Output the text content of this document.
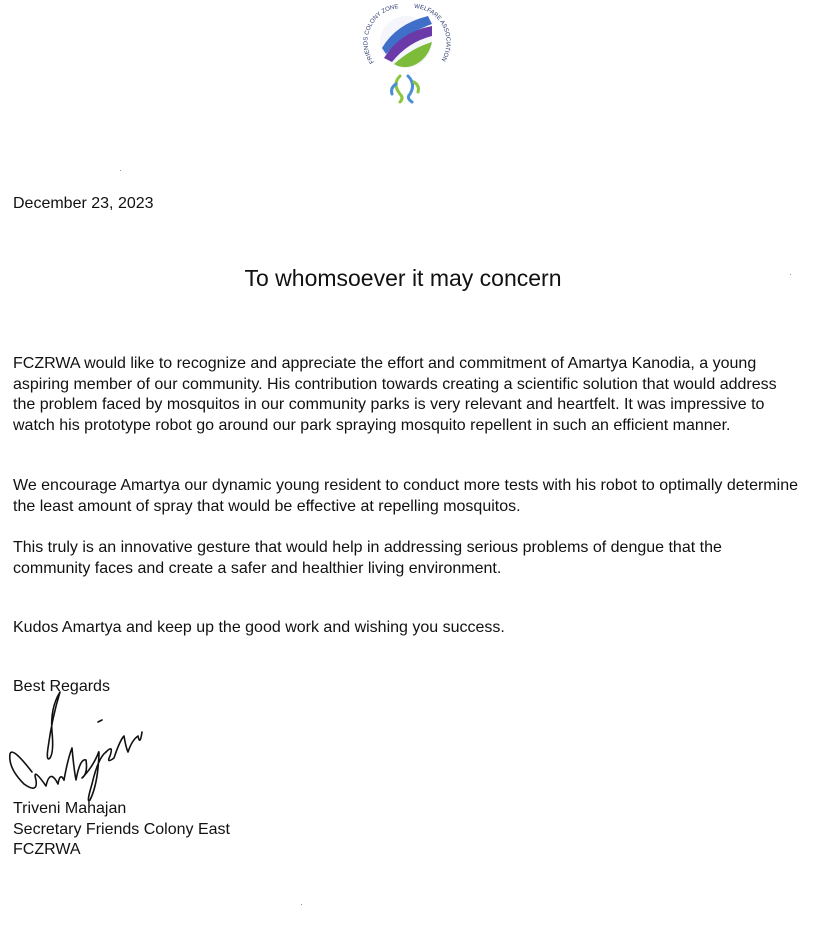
FRIENDS COLONY ZONE WELFARE ASSOCIATION
December 23, 2023
To whomsoever it may concern

FCZRWA would like to recognize and appreciate the effort and commitment of Amartya Kanodia, a young aspiring member of our community. His contribution towards creating a scientific solution that would address the problem faced by mosquitos in our community parks is very relevant and heartfelt. It was impressive to watch his prototype robot go around our park spraying mosquito repellent in such an efficient manner.

We encourage Amartya our dynamic young resident to conduct more tests with his robot to optimally determine the least amount of spray that would be effective at repelling mosquitos.

This truly is an innovative gesture that would help in addressing serious problems of dengue that the community faces and create a safer and healthier living environment.

Kudos Amartya and keep up the good work and wishing you success.

Best Regards
Triveni Mahajan
Secretary Friends Colony East
FCZRWA
